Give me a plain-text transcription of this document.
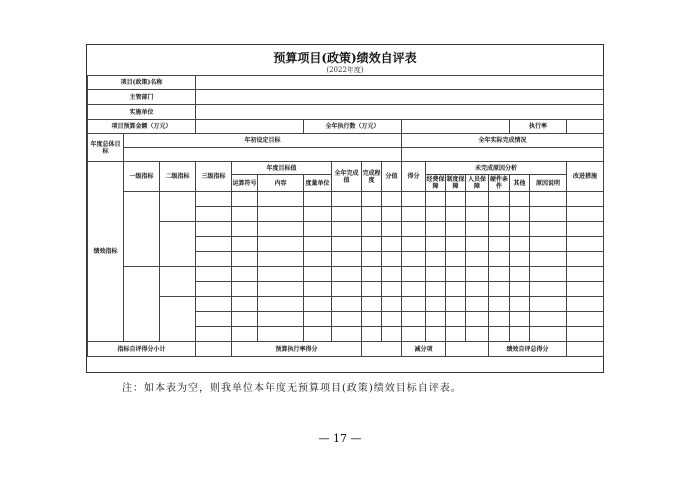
预算项目(政策)绩效自评表
(2022年度)
项目(政策)名称																	
主管部门																	
实施单位																	
项目预算金额（万元）						全年执行数（万元）									执行率		
年度总体目标	年初设定目标									全年实际完成情况							

绩效指标	一级指标	二级指标	三级指标	年度目标值			全年完成值	完成程度	分值	得分	未完成原因分析						改进措施
				运算符号	内容	度量单位					经费保障	制度保障	人员保障	硬件条件	其他	原因说明	

指标自评得分小计				预算执行率得分						减分项				绩效自评总得分			
注：如本表为空，则我单位本年度无预算项目(政策)绩效目标自评表。
— 17 —
